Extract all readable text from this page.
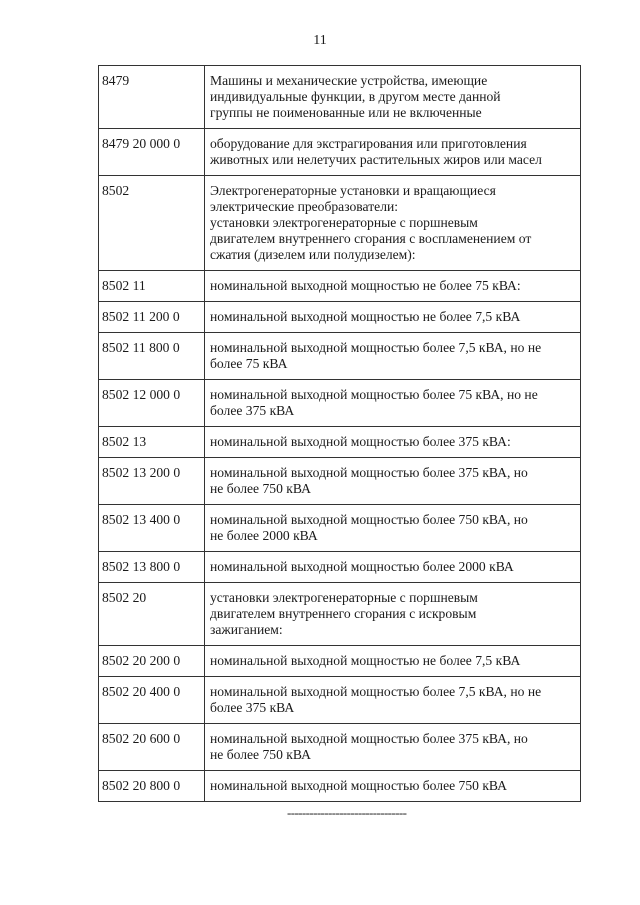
11
8479	Машины и механические устройства, имеющие
индивидуальные функции, в другом месте данной
группы не поименованные или не включенные

8479 20 000 0	оборудование для экстрагирования или приготовления
животных или нелетучих растительных жиров или масел

8502	Электрогенераторные установки и вращающиеся
электрические преобразователи:
установки электрогенераторные с поршневым
двигателем внутреннего сгорания с воспламенением от
сжатия (дизелем или полудизелем):

8502 11	номинальной выходной мощностью не более 75 кВА:

8502 11 200 0	номинальной выходной мощностью не более 7,5 кВА

8502 11 800 0	номинальной выходной мощностью более 7,5 кВА, но не
более 75 кВА

8502 12 000 0	номинальной выходной мощностью более 75 кВА, но не
более 375 кВА

8502 13	номинальной выходной мощностью более 375 кВА:

8502 13 200 0	номинальной выходной мощностью более 375 кВА, но
не более 750 кВА

8502 13 400 0	номинальной выходной мощностью более 750 кВА, но
не более 2000 кВА

8502 13 800 0	номинальной выходной мощностью более 2000 кВА

8502 20	установки электрогенераторные с поршневым
двигателем внутреннего сгорания с искровым
зажиганием:

8502 20 200 0	номинальной выходной мощностью не более 7,5 кВА

8502 20 400 0	номинальной выходной мощностью более 7,5 кВА, но не
более 375 кВА

8502 20 600 0	номинальной выходной мощностью более 375 кВА, но
не более 750 кВА

8502 20 800 0	номинальной выходной мощностью более 750 кВА
--------------------------------
